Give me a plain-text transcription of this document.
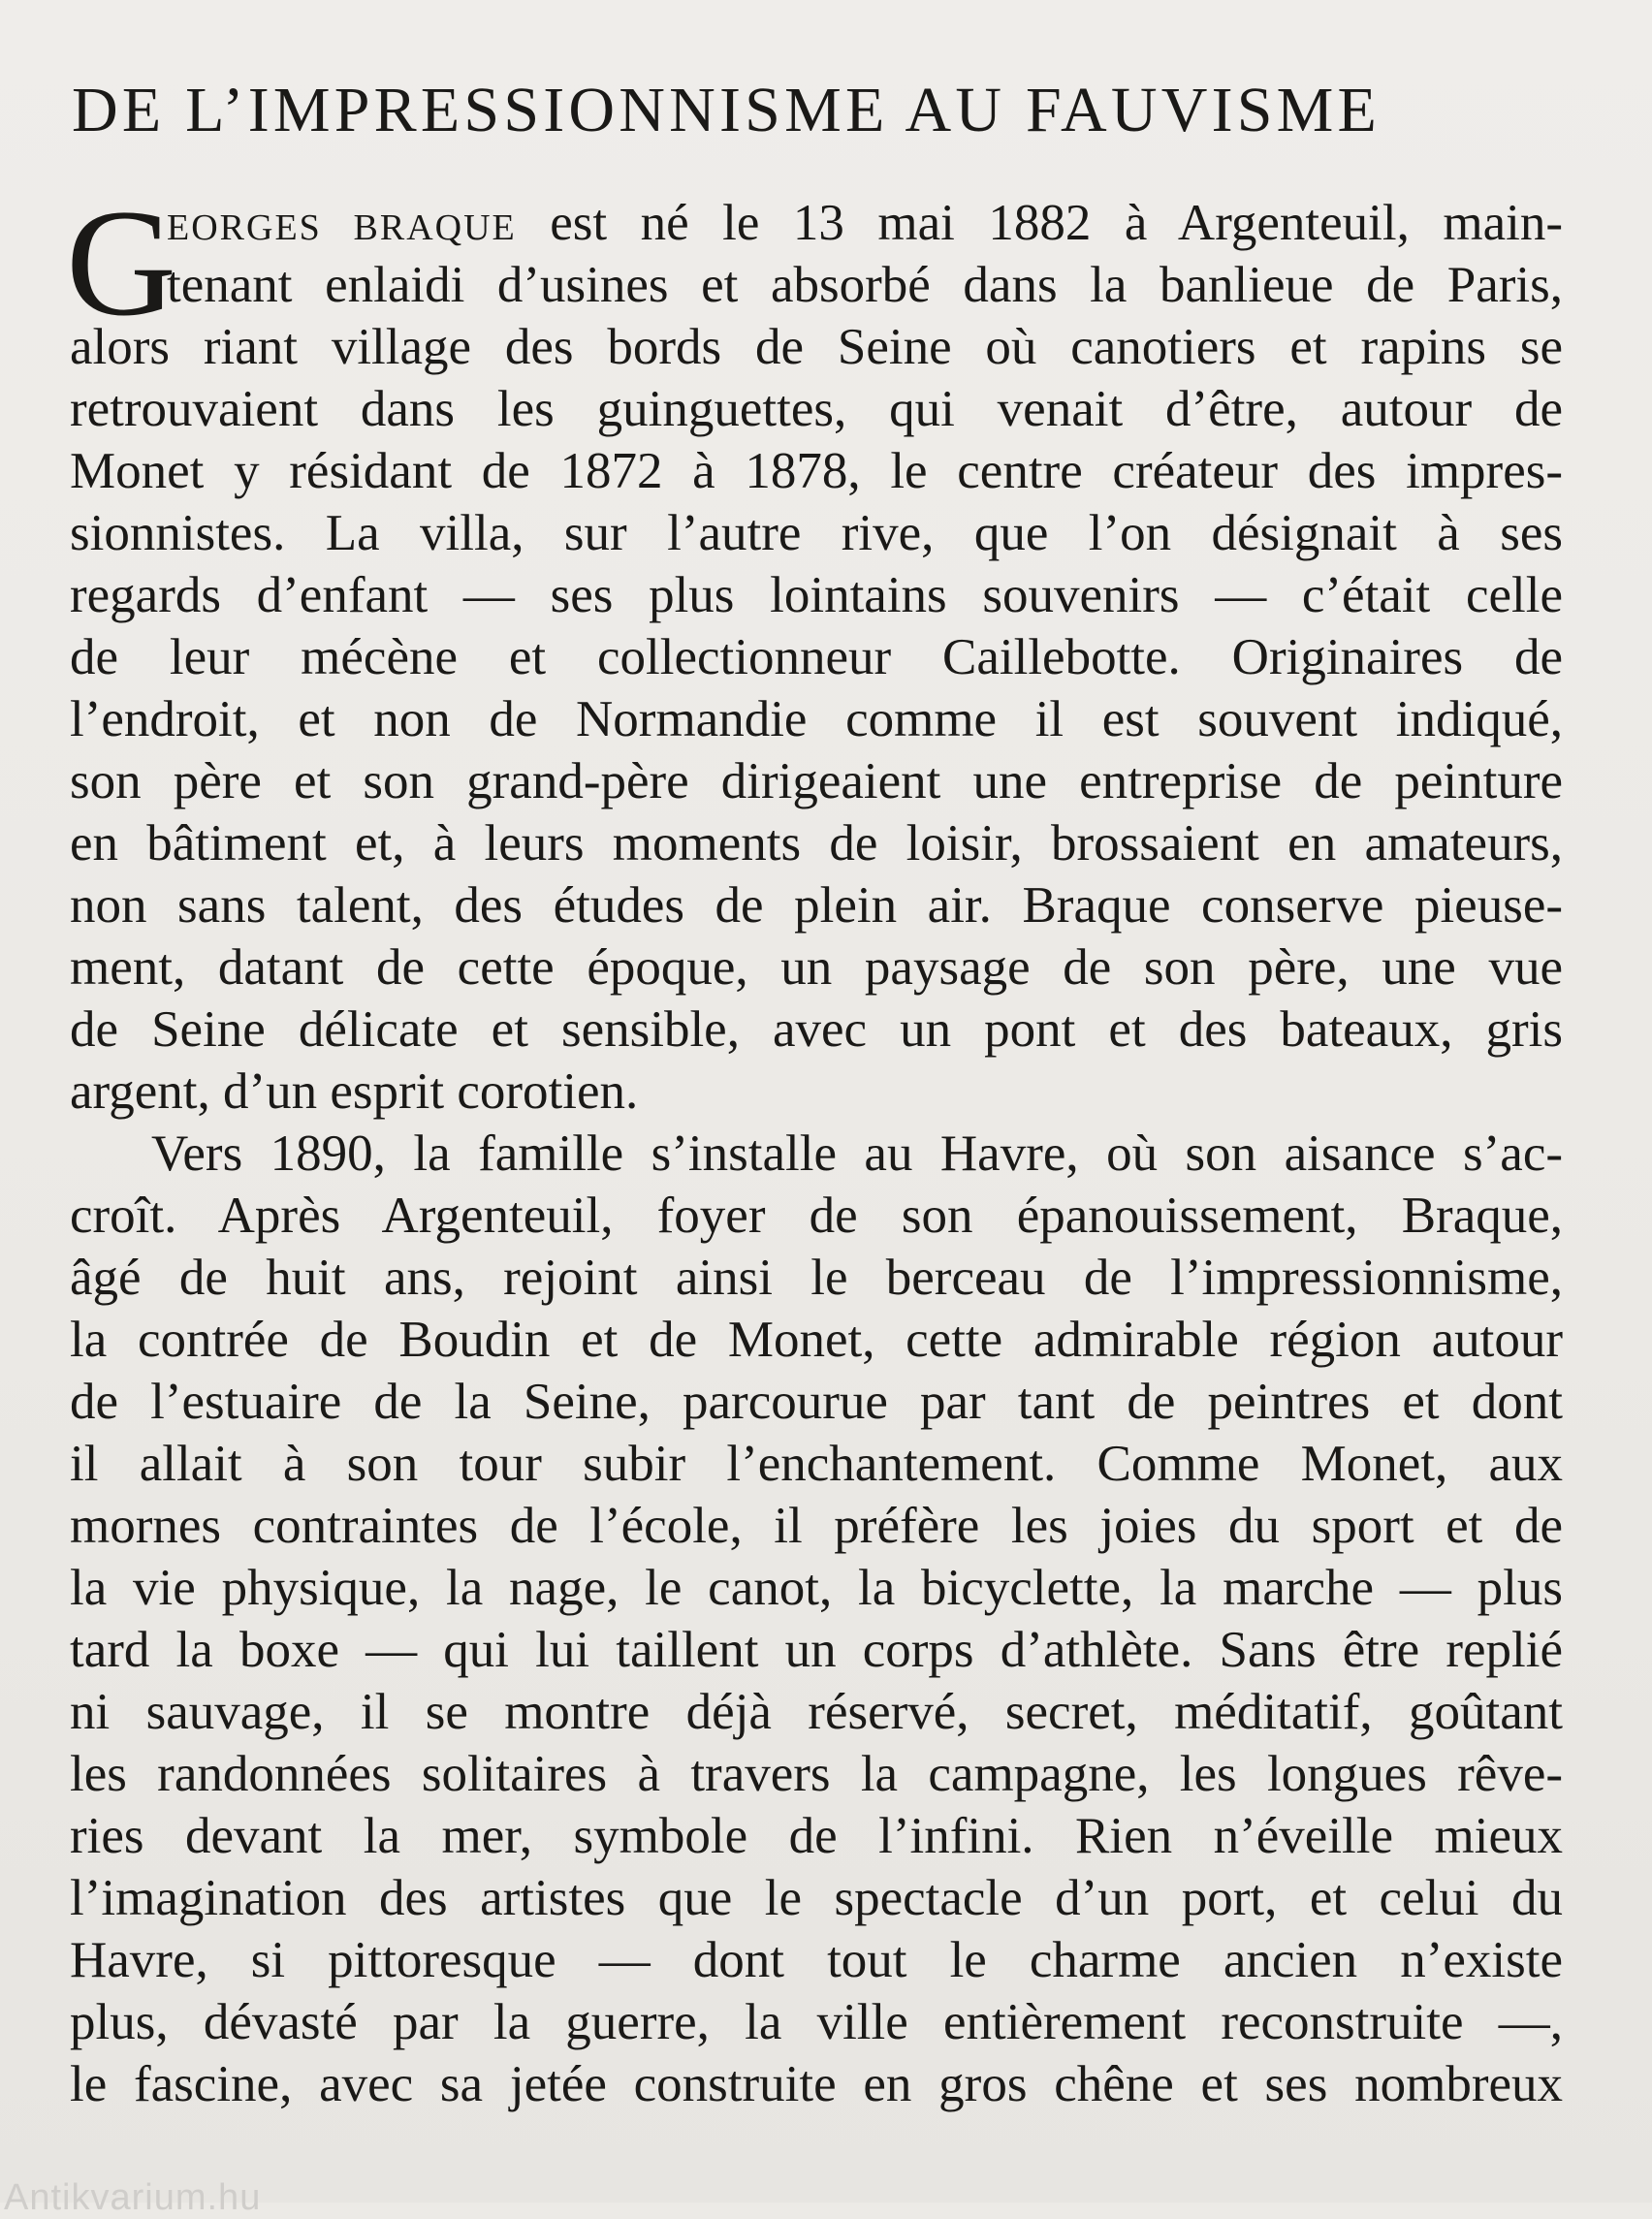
DE L’IMPRESSIONNISME AU FAUVISME
G
EORGES BRAQUE est né le 13 mai 1882 à Argenteuil, main-
tenant enlaidi d’usines et absorbé dans la banlieue de Paris,
alors riant village des bords de Seine où canotiers et rapins se
retrouvaient dans les guinguettes, qui venait d’être, autour de
Monet y résidant de 1872 à 1878, le centre créateur des impres-
sionnistes. La villa, sur l’autre rive, que l’on désignait à ses
regards d’enfant — ses plus lointains souvenirs — c’était celle
de leur mécène et collectionneur Caillebotte. Originaires de
l’endroit, et non de Normandie comme il est souvent indiqué,
son père et son grand-père dirigeaient une entreprise de peinture
en bâtiment et, à leurs moments de loisir, brossaient en amateurs,
non sans talent, des études de plein air. Braque conserve pieuse-
ment, datant de cette époque, un paysage de son père, une vue
de Seine délicate et sensible, avec un pont et des bateaux, gris
argent, d’un esprit corotien.
Vers 1890, la famille s’installe au Havre, où son aisance s’ac-
croît. Après Argenteuil, foyer de son épanouissement, Braque,
âgé de huit ans, rejoint ainsi le berceau de l’impressionnisme,
la contrée de Boudin et de Monet, cette admirable région autour
de l’estuaire de la Seine, parcourue par tant de peintres et dont
il allait à son tour subir l’enchantement. Comme Monet, aux
mornes contraintes de l’école, il préfère les joies du sport et de
la vie physique, la nage, le canot, la bicyclette, la marche — plus
tard la boxe — qui lui taillent un corps d’athlète. Sans être replié
ni sauvage, il se montre déjà réservé, secret, méditatif, goûtant
les randonnées solitaires à travers la campagne, les longues rêve-
ries devant la mer, symbole de l’infini. Rien n’éveille mieux
l’imagination des artistes que le spectacle d’un port, et celui du
Havre, si pittoresque — dont tout le charme ancien n’existe
plus, dévasté par la guerre, la ville entièrement reconstruite —,
le fascine, avec sa jetée construite en gros chêne et ses nombreux
Antikvarium.hu
